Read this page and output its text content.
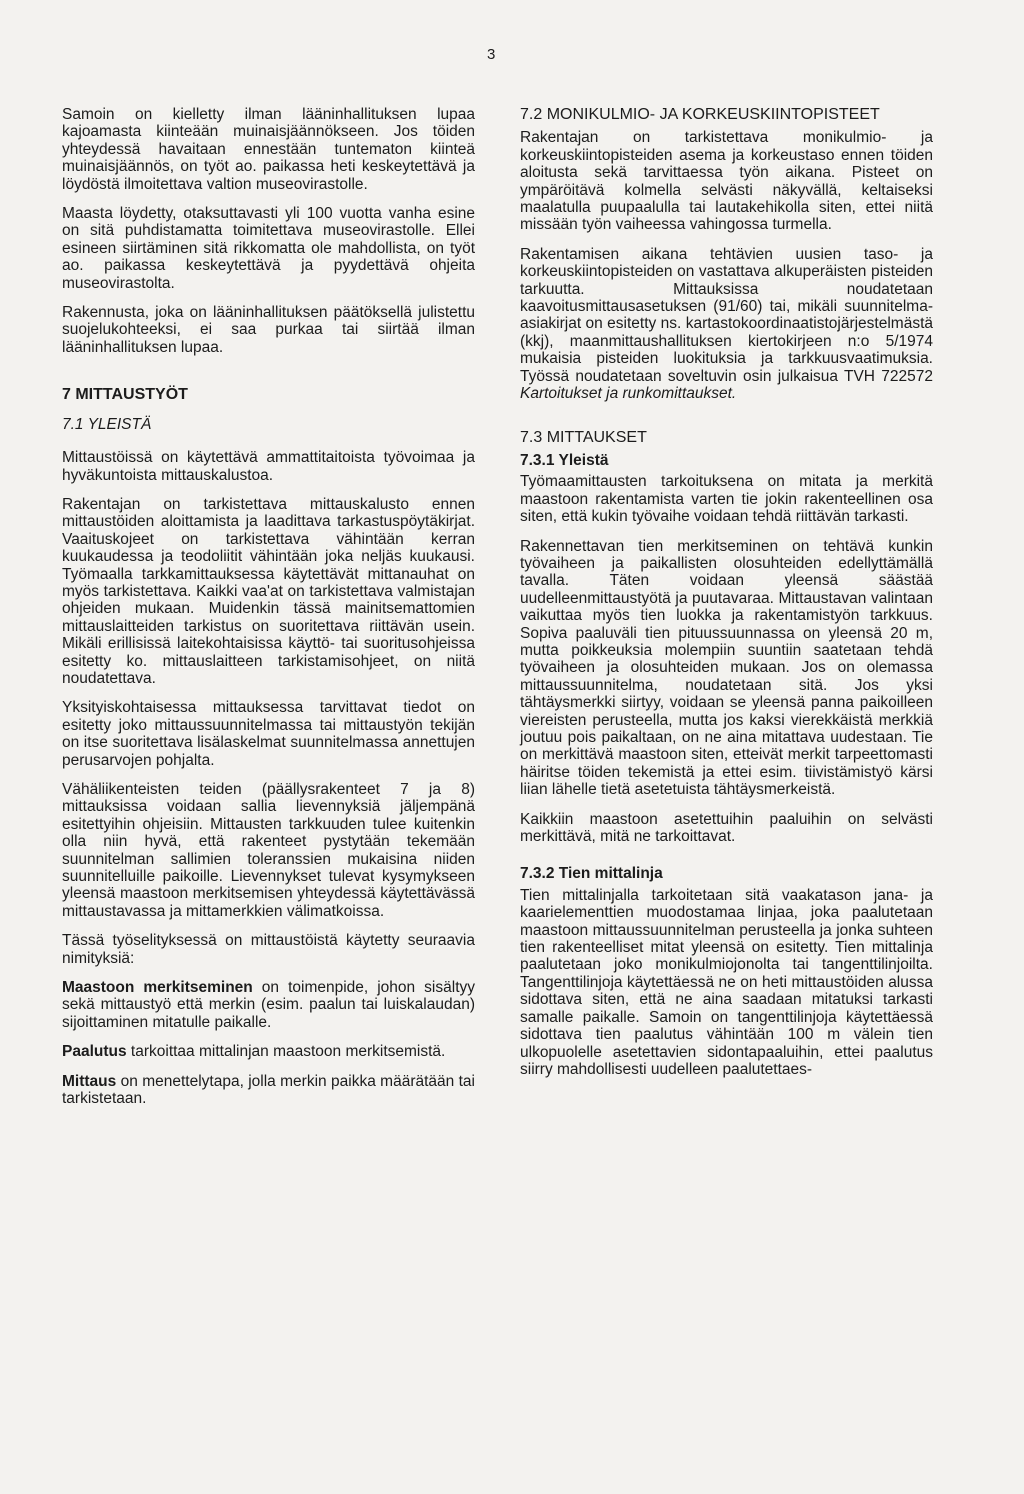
3

Samoin on kielletty ilman lääninhallituksen lupaa kajoamasta kiinteään muinaisjäännökseen. Jos töiden yhteydessä havaitaan ennestään tuntematon kiinteä muinaisjäännös, on työt ao. paikassa heti keskeytettävä ja löydöstä ilmoitettava valtion museovirastolle.

Maasta löydetty, otaksuttavasti yli 100 vuotta vanha esine on sitä puhdistamatta toimitettava museovirastolle. Ellei esineen siirtäminen sitä rikkomatta ole mahdollista, on työt ao. paikassa keskeytettävä ja pyydettävä ohjeita museovirastolta.

Rakennusta, joka on lääninhallituksen päätöksellä julistettu suojelukohteeksi, ei saa purkaa tai siirtää ilman lääninhallituksen lupaa.

7 MITTAUSTYÖT
7.1 YLEISTÄ

Mittaustöissä on käytettävä ammattitaitoista työvoimaa ja hyväkuntoista mittauskalustoa.

Rakentajan on tarkistettava mittauskalusto ennen mittaustöiden aloittamista ja laadittava tarkastuspöytäkirjat. Vaaituskojeet on tarkistettava vähintään kerran kuukaudessa ja teodoliitit vähintään joka neljäs kuukausi. Työmaalla tarkkamittauksessa käytettävät mittanauhat on myös tarkistettava. Kaikki vaa'at on tarkistettava valmistajan ohjeiden mukaan. Muidenkin tässä mainitsemattomien mittauslaitteiden tarkistus on suoritettava riittävän usein. Mikäli erillisissä laitekohtaisissa käyttö- tai suoritusohjeissa esitetty ko. mittauslaitteen tarkistamisohjeet, on niitä noudatettava.

Yksityiskohtaisessa mittauksessa tarvittavat tiedot on esitetty joko mittaussuunnitelmassa tai mittaustyön tekijän on itse suoritettava lisälaskelmat suunnitelmassa annettujen perusarvojen pohjalta.

Vähäliikenteisten teiden (päällysrakenteet 7 ja 8) mittauksissa voidaan sallia lievennyksiä jäljempänä esitettyihin ohjeisiin. Mittausten tarkkuuden tulee kuitenkin olla niin hyvä, että rakenteet pystytään tekemään suunnitelman sallimien toleranssien mukaisina niiden suunnitelluille paikoille. Lievennykset tulevat kysymykseen yleensä maastoon merkitsemisen yhteydessä käytettävässä mittaustavassa ja mittamerkkien välimatkoissa.

Tässä työselityksessä on mittaustöistä käytetty seuraavia nimityksiä:

Maastoon merkitseminen on toimenpide, johon sisältyy sekä mittaustyö että merkin (esim. paalun tai luiskalaudan) sijoittaminen mitatulle paikalle.

Paalutus tarkoittaa mittalinjan maastoon merkitsemistä.

Mittaus on menettelytapa, jolla merkin paikka määrätään tai tarkistetaan.

7.2 MONIKULMIO- JA KORKEUSKIINTOPISTEET

Rakentajan on tarkistettava monikulmio- ja korkeuskiintopisteiden asema ja korkeustaso ennen töiden aloitusta sekä tarvittaessa työn aikana. Pisteet on ympäröitävä kolmella selvästi näkyvällä, keltaiseksi maalatulla puupaalulla tai lautakehikolla siten, ettei niitä missään työn vaiheessa vahingossa turmella.

Rakentamisen aikana tehtävien uusien taso- ja korkeuskiintopisteiden on vastattava alkuperäisten pisteiden tarkuutta. Mittauksissa noudatetaan kaavoitusmittausasetuksen (91/60) tai, mikäli suunnitelma-asiakirjat on esitetty ns. kartastokoordinaatistojärjestelmästä (kkj), maanmittaushallituksen kiertokirjeen n:o 5/1974 mukaisia pisteiden luokituksia ja tarkkuusvaatimuksia. Työssä noudatetaan soveltuvin osin julkaisua TVH 722572 Kartoitukset ja runkomittaukset.

7.3 MITTAUKSET
7.3.1 Yleistä

Työmaamittausten tarkoituksena on mitata ja merkitä maastoon rakentamista varten tie jokin rakenteellinen osa siten, että kukin työvaihe voidaan tehdä riittävän tarkasti.

Rakennettavan tien merkitseminen on tehtävä kunkin työvaiheen ja paikallisten olosuhteiden edellyttämällä tavalla. Täten voidaan yleensä säästää uudelleenmittaustyötä ja puutavaraa. Mittaustavan valintaan vaikuttaa myös tien luokka ja rakentamistyön tarkkuus. Sopiva paaluväli tien pituussuunnassa on yleensä 20 m, mutta poikkeuksia molempiin suuntiin saatetaan tehdä työvaiheen ja olosuhteiden mukaan. Jos on olemassa mittaussuunnitelma, noudatetaan sitä. Jos yksi tähtäysmerkki siirtyy, voidaan se yleensä panna paikoilleen viereisten perusteella, mutta jos kaksi vierekkäistä merkkiä joutuu pois paikaltaan, on ne aina mitattava uudestaan. Tie on merkittävä maastoon siten, etteivät merkit tarpeettomasti häiritse töiden tekemistä ja ettei esim. tiivistämistyö kärsi liian lähelle tietä asetetuista tähtäysmerkeistä.

Kaikkiin maastoon asetettuihin paaluihin on selvästi merkittävä, mitä ne tarkoittavat.

7.3.2 Tien mittalinja

Tien mittalinjalla tarkoitetaan sitä vaakatason jana- ja kaarielementtien muodostamaa linjaa, joka paalutetaan maastoon mittaussuunnitelman perusteella ja jonka suhteen tien rakenteelliset mitat yleensä on esitetty. Tien mittalinja paalutetaan joko monikulmiojonolta tai tangenttilinjoilta. Tangenttilinjoja käytettäessä ne on heti mittaustöiden alussa sidottava siten, että ne aina saadaan mitatuksi tarkasti samalle paikalle. Samoin on tangenttilinjoja käytettäessä sidottava tien paalutus vähintään 100 m välein tien ulkopuolelle asetettavien sidontapaaluihin, ettei paalutus siirry mahdollisesti uudelleen paalutettaes-
